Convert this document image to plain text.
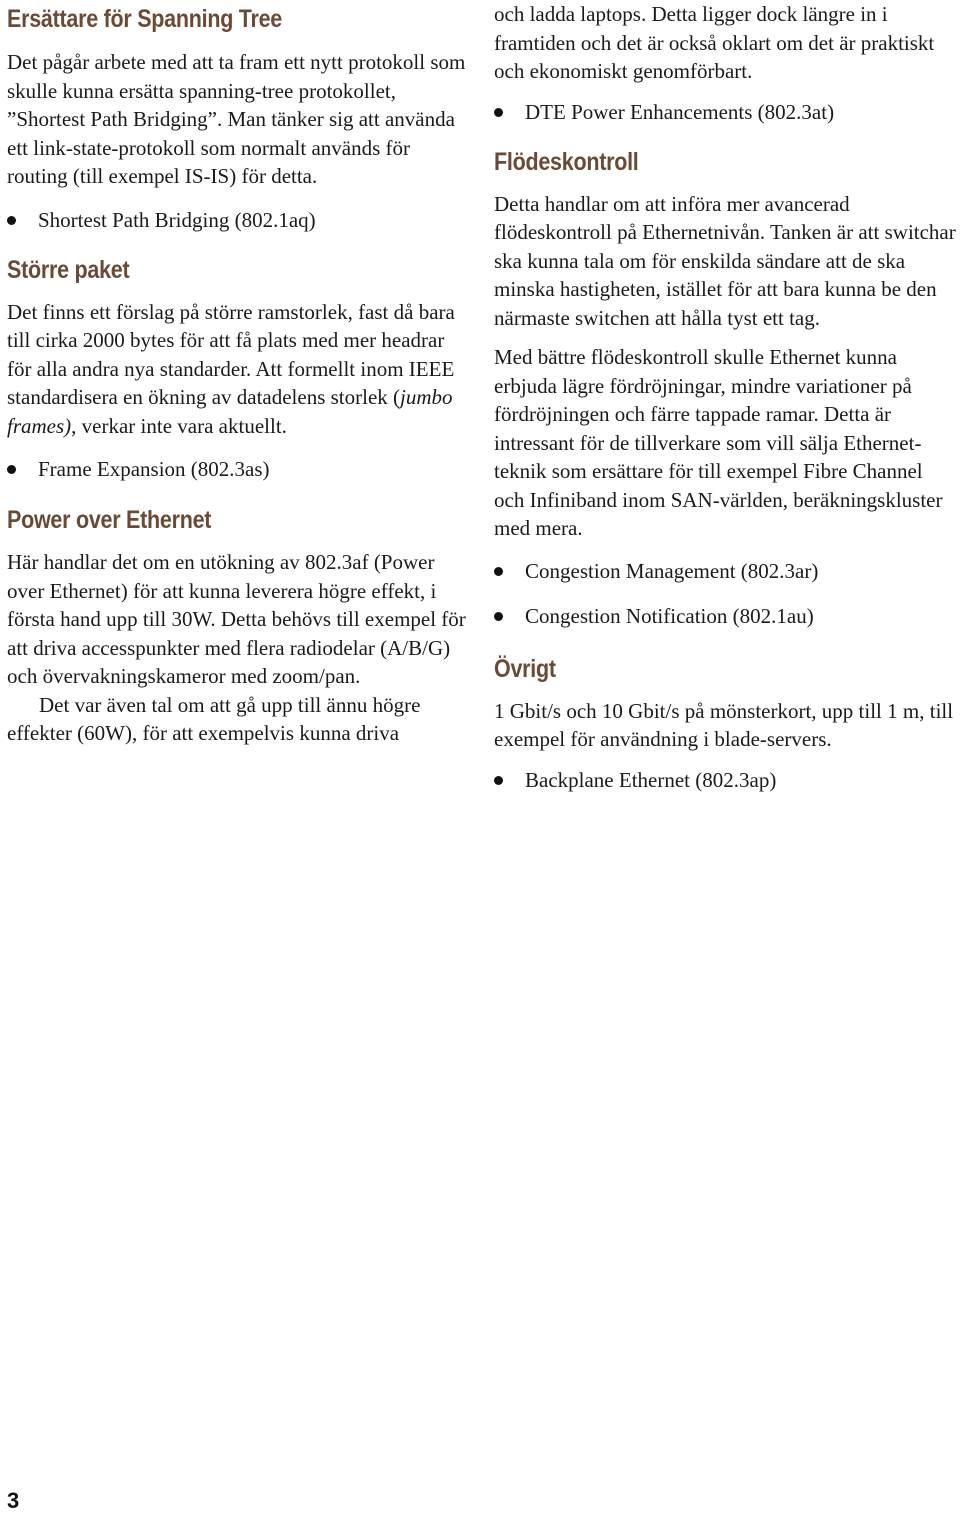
Ersättare för Spanning Tree

Det pågår arbete med att ta fram ett nytt protokoll som skulle kunna ersätta spanning-tree protokollet, ”Shortest Path Bridging”. Man tänker sig att använda ett link-state-protokoll som normalt används för routing (till exempel IS-IS) för detta.

Shortest Path Bridging (802.1aq)
Större paket

Det finns ett förslag på större ramstorlek, fast då bara till cirka 2000 bytes för att få plats med mer headrar för alla andra nya standarder. Att formellt inom IEEE standardisera en ökning av datadelens storlek (jumbo frames), verkar inte vara aktuellt.

Frame Expansion (802.3as)
Power over Ethernet

Här handlar det om en utökning av 802.3af (Power over Ethernet) för att kunna leverera högre effekt, i första hand upp till 30W. Detta behövs till exempel för att driva accesspunkter med flera radiodelar (A/B/G) och övervakningskameror med zoom/pan.

Det var även tal om att gå upp till ännu högre effekter (60W), för att exempelvis kunna driva

och ladda laptops. Detta ligger dock längre in i framtiden och det är också oklart om det är praktiskt och ekonomiskt genomförbart.

DTE Power Enhancements (802.3at)
Flödeskontroll

Detta handlar om att införa mer avancerad flödeskontroll på Ethernetnivån. Tanken är att switchar ska kunna tala om för enskilda sändare att de ska minska hastigheten, istället för att bara kunna be den närmaste switchen att hålla tyst ett tag.

Med bättre flödeskontroll skulle Ethernet kunna erbjuda lägre fördröjningar, mindre variationer på fördröjningen och färre tappade ramar. Detta är intressant för de tillverkare som vill sälja Ethernet-teknik som ersättare för till exempel Fibre Channel och Infiniband inom SAN-världen, beräkningskluster med mera.

Congestion Management (802.3ar)
Congestion Notification (802.1au)
Övrigt

1 Gbit/s och 10 Gbit/s på mönsterkort, upp till 1 m, till exempel för användning i blade-servers.

Backplane Ethernet (802.3ap)
3
